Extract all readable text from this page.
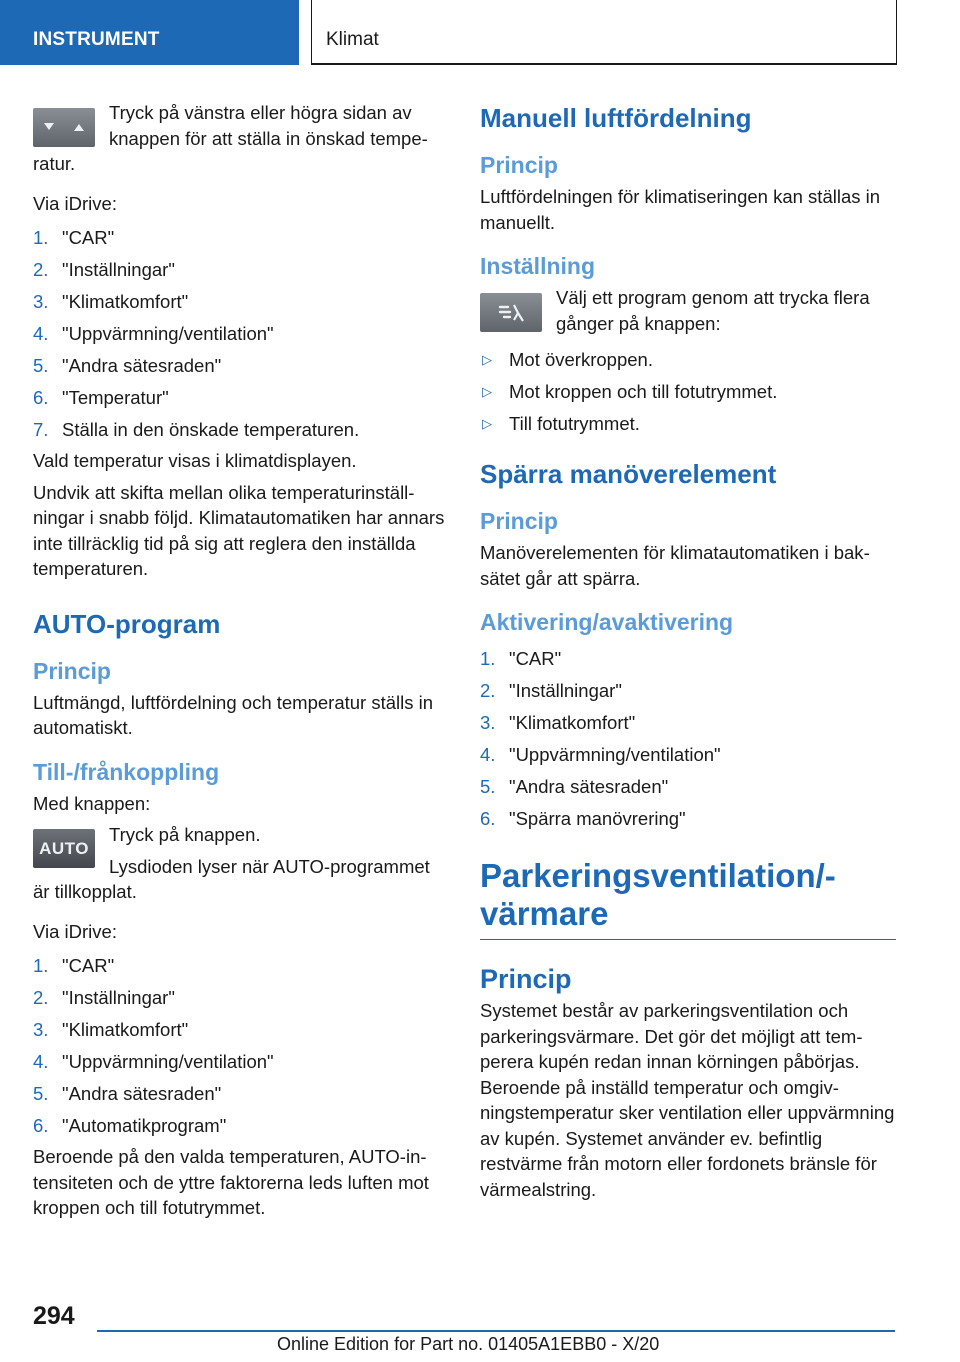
INSTRUMENT	Klimat

Tryck på vänstra eller högra sidan av knappen för att ställa in önskad temperatur.

Via iDrive:

1. "CAR"
2. "Inställningar"
3. "Klimatkomfort"
4. "Uppvärmning/ventilation"
5. "Andra sätesraden"
6. "Temperatur"
7. Ställa in den önskade temperaturen.

Vald temperatur visas i klimatdisplayen.

Undvik att skifta mellan olika temperaturinställningar i snabb följd. Klimatautomatiken har annars inte tillräcklig tid på sig att reglera den inställda temperaturen.

AUTO-program
Princip

Luftmängd, luftfördelning och temperatur ställs in automatiskt.

Till-/frånkoppling

Med knappen:

AUTO

Tryck på knappen.

Lysdioden lyser när AUTO-programmet är tillkopplat.

Via iDrive:

1. "CAR"
2. "Inställningar"
3. "Klimatkomfort"
4. "Uppvärmning/ventilation"
5. "Andra sätesraden"
6. "Automatikprogram"

Beroende på den valda temperaturen, AUTO-intensiteten och de yttre faktorerna leds luften mot kroppen och till fotutrymmet.

Manuell luftfördelning
Princip

Luftfördelningen för klimatiseringen kan ställas in manuellt.

Inställning

Välj ett program genom att trycka flera gånger på knappen:

▷ Mot överkroppen.
▷ Mot kroppen och till fotutrymmet.
▷ Till fotutrymmet.
Spärra manöverelement
Princip

Manöverelementen för klimatautomatiken i baksätet går att spärra.

Aktivering/avaktivering
1. "CAR"
2. "Inställningar"
3. "Klimatkomfort"
4. "Uppvärmning/ventilation"
5. "Andra sätesraden"
6. "Spärra manövrering"
Parkeringsventilation/värmare
Princip

Systemet består av parkeringsventilation och parkeringsvärmare. Det gör det möjligt att temperera kupén redan innan körningen påbörjas. Beroende på inställd temperatur och omgivningstemperatur sker ventilation eller uppvärmning av kupén. Systemet använder ev. befintlig restvärme från motorn eller fordonets bränsle för värmealstring.

294
Online Edition for Part no. 01405A1EBB0 - X/20
